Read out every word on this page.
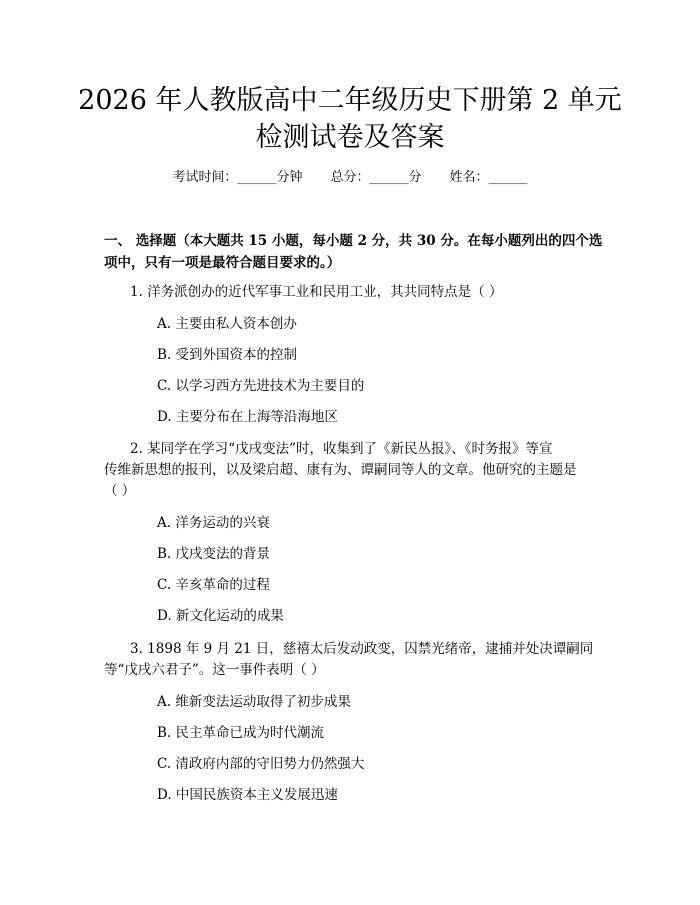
2026 年人教版高中二年级历史下册第 2 单元
检测试卷及答案
考试时间：______分钟 总分：______分 姓名：______
一、 选择题（本大题共 15 小题，每小题 2 分，共 30 分。在每小题列出的四个选
项中，只有一项是最符合题目要求的。）
1. 洋务派创办的近代军事工业和民用工业，其共同特点是（ ）
A. 主要由私人资本创办
B. 受到外国资本的控制
C. 以学习西方先进技术为主要目的
D. 主要分布在上海等沿海地区
2. 某同学在学习“戊戌变法”时，收集到了《新民丛报》、《时务报》等宣
传维新思想的报刊，以及梁启超、康有为、谭嗣同等人的文章。他研究的主题是
（ ）
A. 洋务运动的兴衰
B. 戊戌变法的背景
C. 辛亥革命的过程
D. 新文化运动的成果
3. 1898 年 9 月 21 日，慈禧太后发动政变，囚禁光绪帝，逮捕并处决谭嗣同
等“戊戌六君子”。这一事件表明（ ）
A. 维新变法运动取得了初步成果
B. 民主革命已成为时代潮流
C. 清政府内部的守旧势力仍然强大
D. 中国民族资本主义发展迅速
